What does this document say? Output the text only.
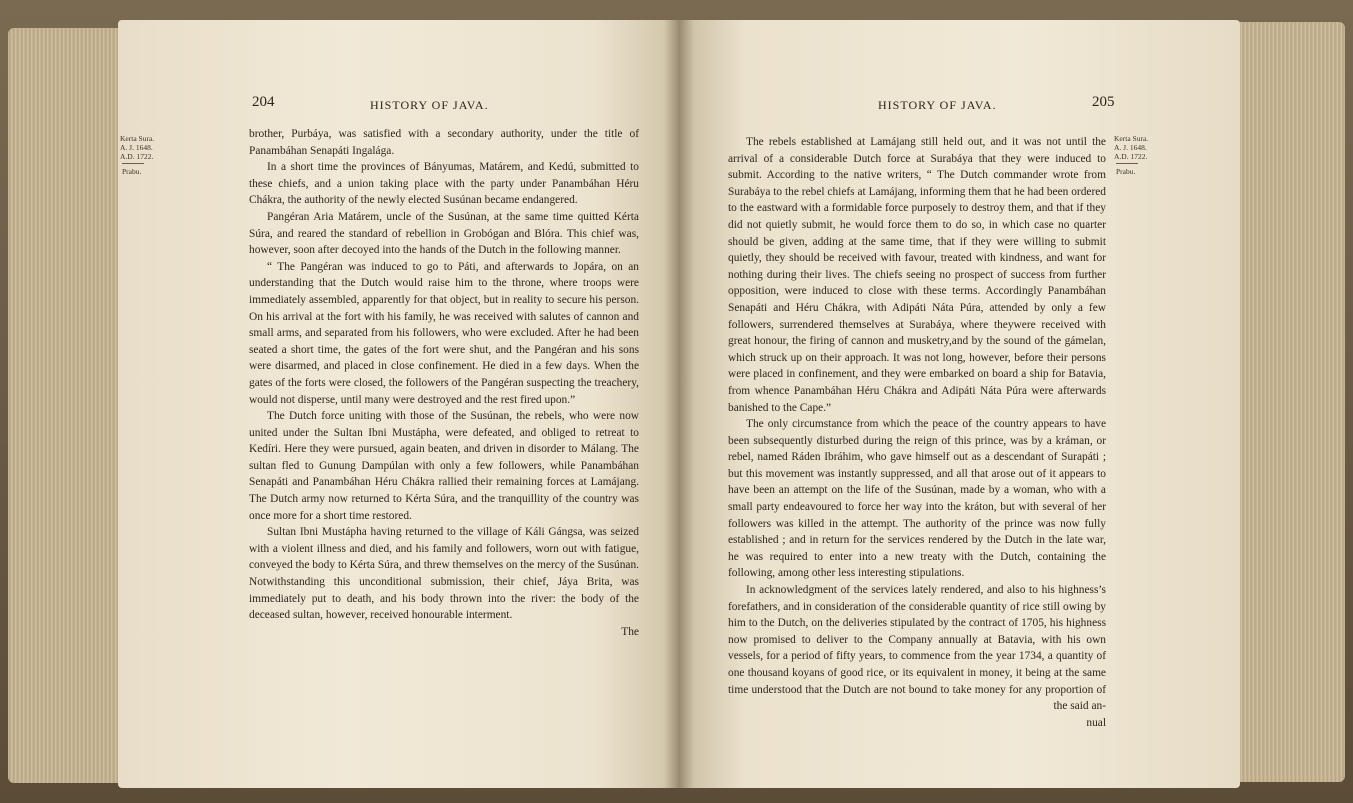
204	HISTORY OF JAVA.
Kerta Sura.
A. J. 1648.
A.D. 1722.
Prabu.

brother, Purbáya, was satisfied with a secondary authority, under the title of Panambáhan Senapáti Ingalága.

In a short time the provinces of Bányumas, Matárem, and Kedú, submitted to these chiefs, and a union taking place with the party under Panambáhan Héru Chákra, the authority of the newly elected Susúnan became endangered.

Pangéran Aria Matárem, uncle of the Susúnan, at the same time quitted Kérta Súra, and reared the standard of rebellion in Grobógan and Blóra. This chief was, however, soon after decoyed into the hands of the Dutch in the following manner.

“ The Pangéran was induced to go to Páti, and afterwards to Jopára, on an understanding that the Dutch would raise him to the throne, where troops were immediately assembled, apparently for that object, but in reality to secure his person. On his arrival at the fort with his family, he was received with salutes of cannon and small arms, and separated from his followers, who were excluded. After he had been seated a short time, the gates of the fort were shut, and the Pangéran and his sons were disarmed, and placed in close confinement. He died in a few days. When the gates of the forts were closed, the followers of the Pangéran suspecting the treachery, would not disperse, until many were destroyed and the rest fired upon.”

The Dutch force uniting with those of the Susúnan, the rebels, who were now united under the Sultan Ibni Mustápha, were defeated, and obliged to retreat to Kedíri. Here they were pursued, again beaten, and driven in disorder to Málang. The sultan fled to Gunung Dampúlan with only a few followers, while Panambáhan Senapáti and Panambáhan Héru Chákra rallied their remaining forces at Lamájang. The Dutch army now returned to Kérta Súra, and the tranquillity of the country was once more for a short time restored.

Sultan Ibni Mustápha having returned to the village of Káli Gángsa, was seized with a violent illness and died, and his family and followers, worn out with fatigue, conveyed the body to Kérta Súra, and threw themselves on the mercy of the Susúnan. Notwithstanding this unconditional submission, their chief, Jáya Brita, was immediately put to death, and his body thrown into the river: the body of the deceased sultan, however, received honourable interment.

The
HISTORY OF JAVA.	205
Kerta Sura.
A. J. 1648.
A.D. 1722.
Prabu.

The rebels established at Lamájang still held out, and it was not until the arrival of a considerable Dutch force at Surabáya that they were induced to submit. According to the native writers, “ The Dutch commander wrote from Surabáya to the rebel chiefs at Lamájang, informing them that he had been ordered to the eastward with a formidable force purposely to destroy them, and that if they did not quietly submit, he would force them to do so, in which case no quarter should be given, adding at the same time, that if they were willing to submit quietly, they should be received with favour, treated with kindness, and want for nothing during their lives. The chiefs seeing no prospect of success from further opposition, were induced to close with these terms. Accordingly Panambáhan Senapáti and Héru Chákra, with Adipáti Náta Púra, attended by only a few followers, surrendered themselves at Surabáya, where theywere received with great honour, the firing of cannon and musketry,and by the sound of the gámelan, which struck up on their approach. It was not long, however, before their persons were placed in confinement, and they were embarked on board a ship for Batavia, from whence Panambáhan Héru Chákra and Adipáti Náta Púra were afterwards banished to the Cape.”

The only circumstance from which the peace of the country appears to have been subsequently disturbed during the reign of this prince, was by a kráman, or rebel, named Ráden Ibráhim, who gave himself out as a descendant of Surapáti ; but this movement was instantly suppressed, and all that arose out of it appears to have been an attempt on the life of the Susúnan, made by a woman, who with a small party endeavoured to force her way into the kráton, but with several of her followers was killed in the attempt. The authority of the prince was now fully established ; and in return for the services rendered by the Dutch in the late war, he was required to enter into a new treaty with the Dutch, containing the following, among other less interesting stipulations.

In acknowledgment of the services lately rendered, and also to his highness’s forefathers, and in consideration of the considerable quantity of rice still owing by him to the Dutch, on the deliveries stipulated by the contract of 1705, his highness now promised to deliver to the Company annually at Batavia, with his own vessels, for a period of fifty years, to commence from the year 1734, a quantity of one thousand koyans of good rice, or its equivalent in money, it being at the same time understood that the Dutch are not bound to take money for any proportion of the said an-

nual
